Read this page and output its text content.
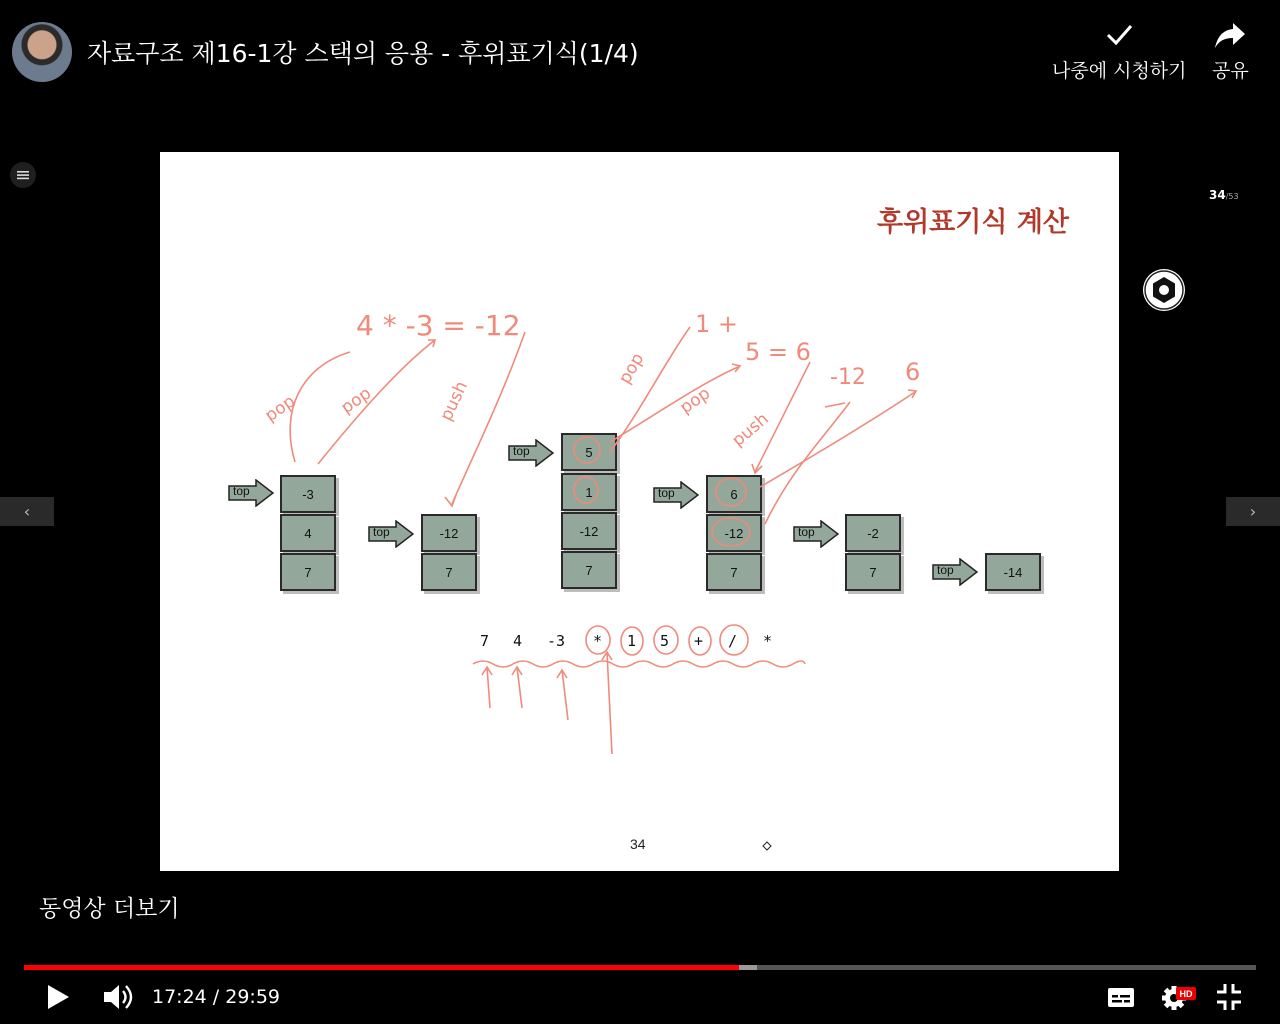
자료구조 제16-1강 스택의 응용 - 후위표기식(1/4)
나중에 시청하기 공유
‹	›
34/53
후위표기식 계산
top	-3
4
7
top	-12
7
top	5
1
-12
7
top	6
-12
7
top	-2
7	top	-14
7 4 -3 * 1 5 + / *
4 * -3 = -12	1 +
5 = 6
-12 6
pop pop	push
pop
pop
push
34
동영상 더보기
17:24 / 29:59	HD
